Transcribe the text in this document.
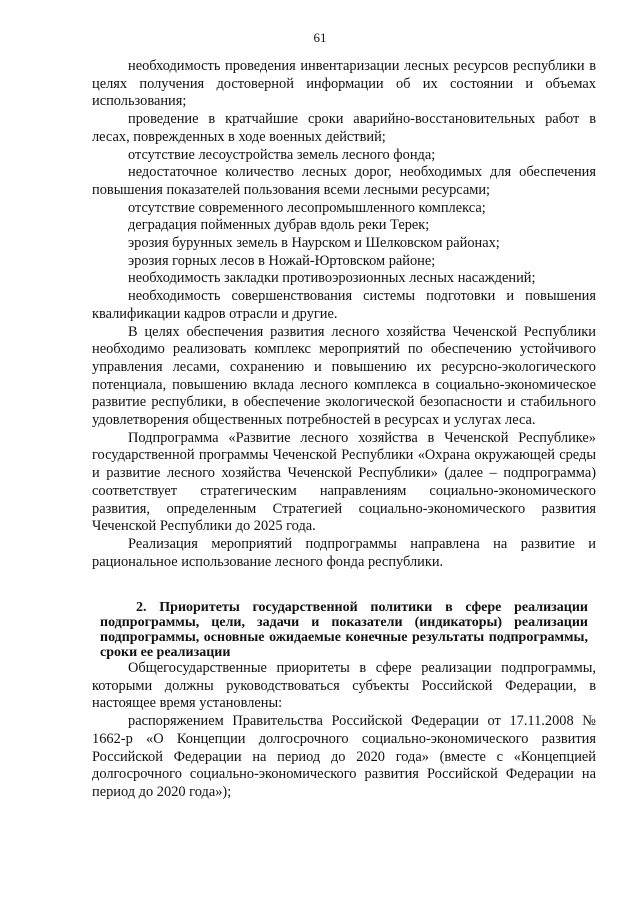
61

необходимость проведения инвентаризации лесных ресурсов республики в целях получения достоверной информации об их состоянии и объемах использования;

проведение в кратчайшие сроки аварийно-восстановительных работ в лесах, поврежденных в ходе военных действий;

отсутствие лесоустройства земель лесного фонда;

недостаточное количество лесных дорог, необходимых для обеспечения повышения показателей пользования всеми лесными ресурсами;

отсутствие современного лесопромышленного комплекса;

деградация пойменных дубрав вдоль реки Терек;

эрозия бурунных земель в Наурском и Шелковском районах;

эрозия горных лесов в Ножай-Юртовском районе;

необходимость закладки противоэрозионных лесных насаждений;

необходимость совершенствования системы подготовки и повышения квалификации кадров отрасли и другие.

В целях обеспечения развития лесного хозяйства Чеченской Республики необходимо реализовать комплекс мероприятий по обеспечению устойчивого управления лесами, сохранению и повышению их ресурсно-экологического потенциала, повышению вклада лесного комплекса в социально-экономическое развитие республики, в обеспечение экологической безопасности и стабильного удовлетворения общественных потребностей в ресурсах и услугах леса.

Подпрограмма «Развитие лесного хозяйства в Чеченской Республике» государственной программы Чеченской Республики «Охрана окружающей среды и развитие лесного хозяйства Чеченской Республики» (далее – подпрограмма) соответствует стратегическим направлениям социально-экономического развития, определенным Стратегией социально-экономического развития Чеченской Республики до 2025 года.

Реализация мероприятий подпрограммы направлена на развитие и рациональное использование лесного фонда республики.

2. Приоритеты государственной политики в сфере реализации подпрограммы, цели, задачи и показатели (индикаторы) реализации подпрограммы, основные ожидаемые конечные результаты подпрограммы, сроки ее реализации

Общегосударственные приоритеты в сфере реализации подпрограммы, которыми должны руководствоваться субъекты Российской Федерации, в настоящее время установлены:

распоряжением Правительства Российской Федерации от 17.11.2008 № 1662-р «О Концепции долгосрочного социально-экономического развития Российской Федерации на период до 2020 года» (вместе с «Концепцией долгосрочного социально-экономического развития Российской Федерации на период до 2020 года»);
